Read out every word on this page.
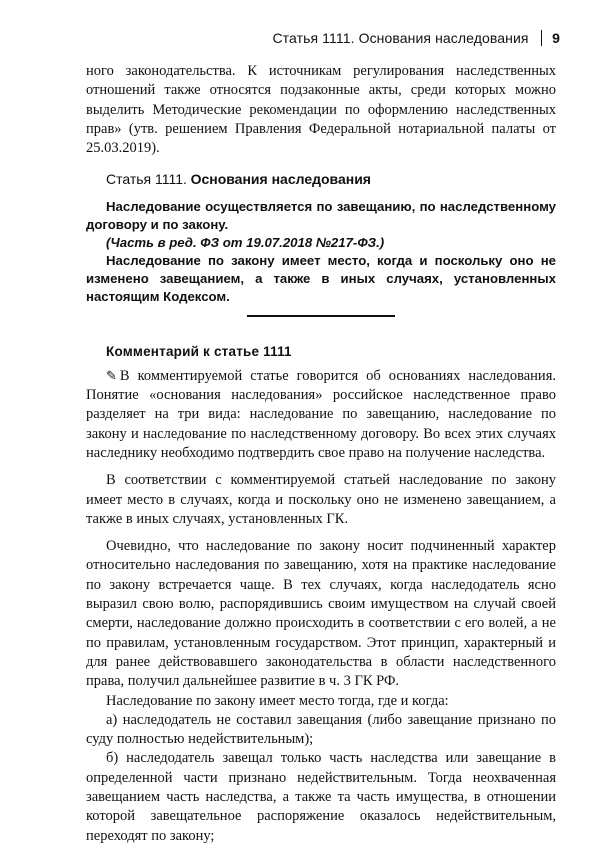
Статья 1111. Основания наследования 9

ного законодательства. К источникам регулирования наследственных отношений также относятся подзаконные акты, среди которых можно выделить Методические рекомендации по оформлению наследственных прав» (утв. решением Правления Федеральной нотариальной палаты от 25.03.2019).

Статья 1111. Основания наследования

Наследование осуществляется по завещанию, по наследственному договору и по закону.

(Часть в ред. ФЗ от 19.07.2018 №217-ФЗ.)

Наследование по закону имеет место, когда и поскольку оно не изменено завещанием, а также в иных случаях, установленных настоящим Кодексом.

Комментарий к статье 1111

✎ В комментируемой статье говорится об основаниях наследования. Понятие «основания наследования» российское наследственное право разделяет на три вида: наследование по завещанию, наследование по закону и наследование по наследственному договору. Во всех этих случаях наследнику необходимо подтвердить свое право на получение наследства.

В соответствии с комментируемой статьей наследование по закону имеет место в случаях, когда и поскольку оно не изменено завещанием, а также в иных случаях, установленных ГК.

Очевидно, что наследование по закону носит подчиненный характер относительно наследования по завещанию, хотя на практике наследование по закону встречается чаще. В тех случаях, когда наследодатель ясно выразил свою волю, распорядившись своим имуществом на случай своей смерти, наследование должно происходить в соответствии с его волей, а не по правилам, установленным государством. Этот принцип, характерный и для ранее действовавшего законодательства в области наследственного права, получил дальнейшее развитие в ч. 3 ГК РФ.

Наследование по закону имеет место тогда, где и когда:

а) наследодатель не составил завещания (либо завещание признано по суду полностью недействительным);

б) наследодатель завещал только часть наследства или завещание в определенной части признано недействительным. Тогда неохваченная завещанием часть наследства, а также та часть имущества, в отношении которой завещательное распоряжение оказалось недействительным, переходят по закону;
